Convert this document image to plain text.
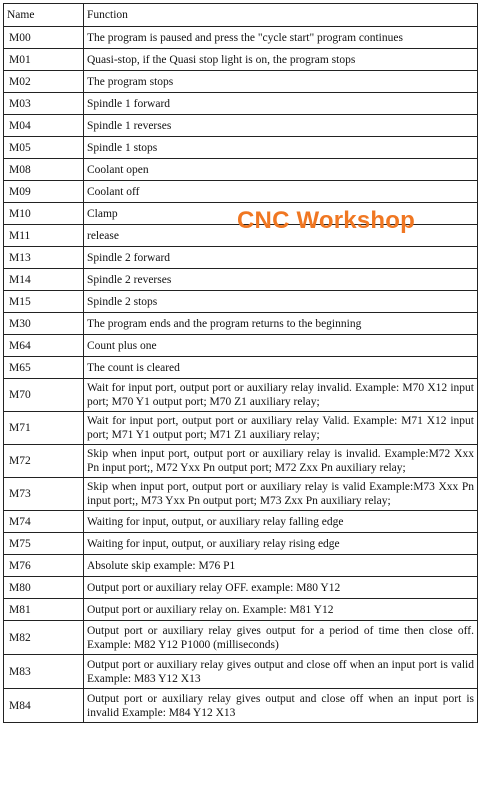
Name	Function
M00	The program is paused and press the "cycle start" program continues
M01	Quasi-stop, if the Quasi stop light is on, the program stops
M02	The program stops
M03	Spindle 1 forward
M04	Spindle 1 reverses
M05	Spindle 1 stops
M08	Coolant open
M09	Coolant off
M10	Clamp
M11	release
M13	Spindle 2 forward
M14	Spindle 2 reverses
M15	Spindle 2 stops
M30	The program ends and the program returns to the beginning
M64	Count plus one
M65	The count is cleared
M70	Wait for input port, output port or auxiliary relay invalid. Example: M70 X12 input port; M70 Y1 output port; M70 Z1 auxiliary relay;
M71	Wait for input port, output port or auxiliary relay Valid. Example: M71 X12 input port; M71 Y1 output port; M71 Z1 auxiliary relay;
M72	Skip when input port, output port or auxiliary relay is invalid. Example:M72 Xxx Pn input port;, M72 Yxx Pn output port; M72 Zxx Pn auxiliary relay;
M73	Skip when input port, output port or auxiliary relay is valid Example:M73 Xxx Pn input port;, M73 Yxx Pn output port; M73 Zxx Pn auxiliary relay;
M74	Waiting for input, output, or auxiliary relay falling edge
M75	Waiting for input, output, or auxiliary relay rising edge
M76	Absolute skip example: M76 P1
M80	Output port or auxiliary relay OFF. example: M80 Y12
M81	Output port or auxiliary relay on. Example: M81 Y12
M82	Output port or auxiliary relay gives output for a period of time then close off. Example: M82 Y12 P1000 (milliseconds)
M83	Output port or auxiliary relay gives output and close off when an input port is valid Example: M83 Y12 X13
M84	Output port or auxiliary relay gives output and close off when an input port is invalid Example: M84 Y12 X13
CNC Workshop
